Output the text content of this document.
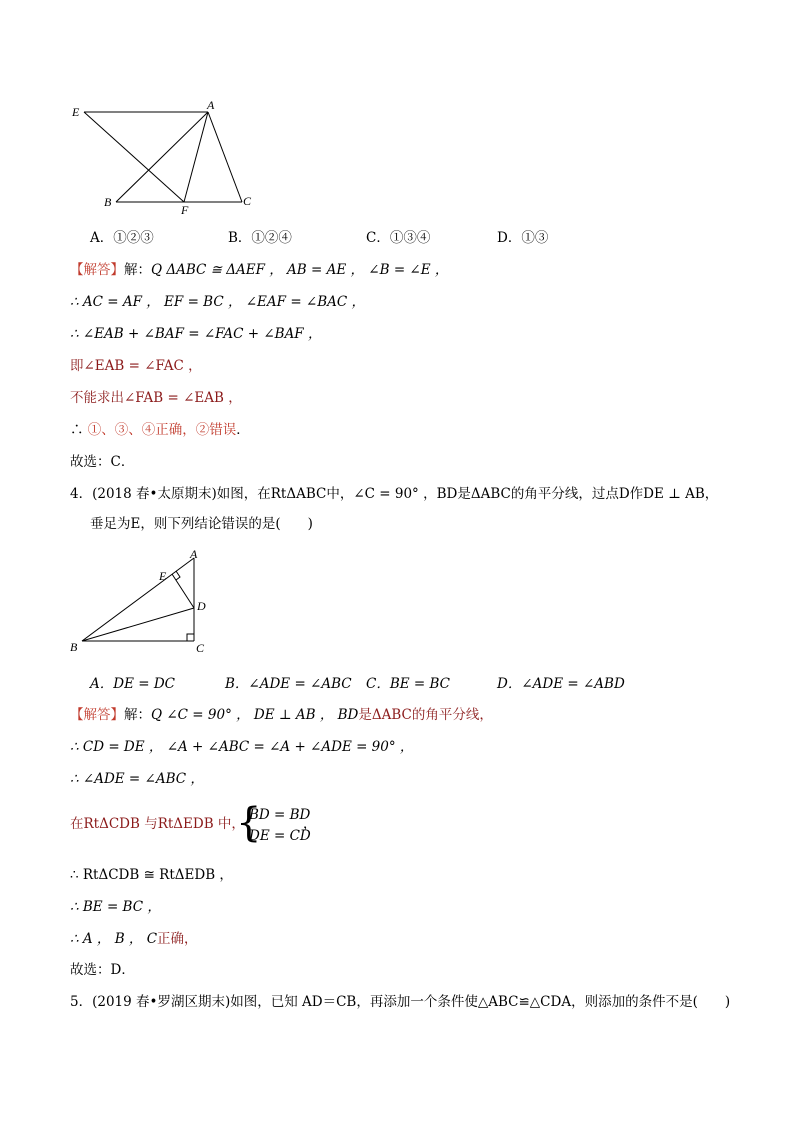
E	A
B
F
C
A．①②③	B．①②④	C．①③④	D．①③
【解答】解：Q ΔABC ≅ ΔAEF ， AB = AE ， ∠B = ∠E ，
∴ AC = AF ， EF = BC ， ∠EAF = ∠BAC ，
∴ ∠EAB + ∠BAF = ∠FAC + ∠BAF ，
即∠EAB = ∠FAC ，
不能求出∠FAB = ∠EAB ，
∴ ①、③、④正确，②错误．
故选：C．
4．(2018 春•太原期末)如图，在RtΔABC中，∠C = 90° ，BD是ΔABC的角平分线，过点D作DE ⊥ AB，
垂足为E，则下列结论错误的是(　　)
A
E
D
B	C
A．DE = DC	B．∠ADE = ∠ABC C．BE = BC	D．∠ADE = ∠ABD
【解答】解：Q ∠C = 90° ， DE ⊥ AB ， BD是ΔABC的角平分线，
∴ CD = DE ， ∠A + ∠ABC = ∠A + ∠ADE = 90° ，
∴ ∠ADE = ∠ABC ，
在RtΔCDB 与RtΔEDB 中，
{
BD = BD
DE = CD
，
∴ RtΔCDB ≅ RtΔEDB ，
∴ BE = BC ，
∴ A ， B ， C正确，
故选：D．
5．(2019 春•罗湖区期末)如图，已知 AD＝CB，再添加一个条件使△ABC≌△CDA，则添加的条件不是(　　)
